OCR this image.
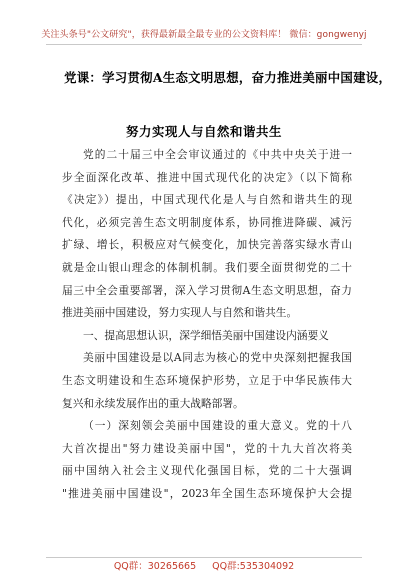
关注头条号"公文研究"，获得最新最全最专业的公文资料库！ 微信：gongwenyj
党课：学习贯彻A生态文明思想，奋力推进美丽中国建设，
努力实现人与自然和谐共生
党的二十届三中全会审议通过的《中共中央关于进一
步全面深化改革、推进中国式现代化的决定》（以下简称
《决定》）提出，中国式现代化是人与自然和谐共生的现
代化，必须完善生态文明制度体系，协同推进降碳、减污
扩绿、增长，积极应对气候变化，加快完善落实绿水青山
就是金山银山理念的体制机制。我们要全面贯彻党的二十
届三中全会重要部署，深入学习贯彻A生态文明思想，奋力
推进美丽中国建设，努力实现人与自然和谐共生。
一、提高思想认识，深学细悟美丽中国建设内涵要义
美丽中国建设是以A同志为核心的党中央深刻把握我国
生态文明建设和生态环境保护形势，立足于中华民族伟大
复兴和永续发展作出的重大战略部署。
（一）深刻领会美丽中国建设的重大意义。党的十八
大首次提出"努力建设美丽中国"，党的十九大首次将美
丽中国纳入社会主义现代化强国目标，党的二十大强调
"推进美丽中国建设"，2023年全国生态环境保护大会提
QQ群：30265665 QQ群:535304092
